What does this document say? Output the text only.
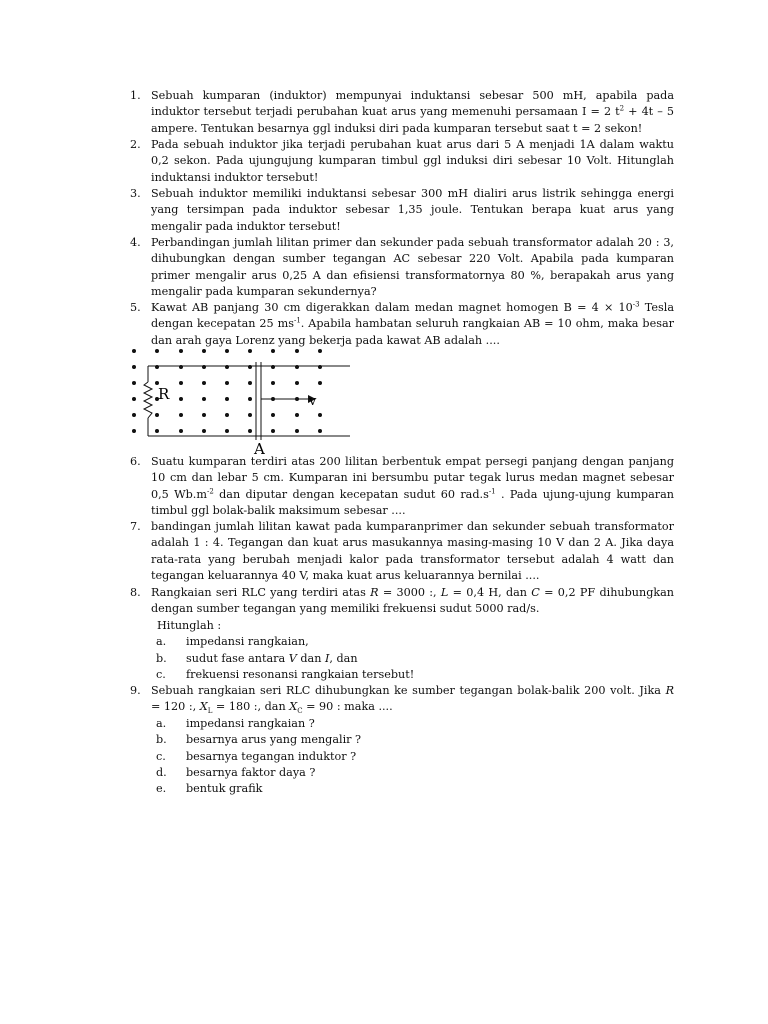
1. Sebuah kumparan (induktor) mempunyai induktansi sebesar 500 mH, apabila pada induktor tersebut terjadi perubahan kuat arus yang memenuhi persamaan I = 2 $t^2 + 4t - 5$ ampere. Tentukan besarnya ggl induksi diri pada kumparan tersebut saat t = 2 sekon!
2. Pada sebuah induktor jika terjadi perubahan kuat arus dari 5 A menjadi 1A dalam waktu 0,2 sekon. Pada ujungujung kumparan timbul ggl induksi diri sebesar 10 Volt. Hitunglah induktansi induktor tersebut!
3. Sebuah induktor memiliki induktansi sebesar 300 mH dialiri arus listrik sehingga energi yang tersimpan pada induktor sebesar 1,35 joule. Tentukan berapa kuat arus yang mengalir pada induktor tersebut!
4. Perbandingan jumlah lilitan primer dan sekunder pada sebuah transformator adalah 20 : 3, dihubungkan dengan sumber tegangan AC sebesar 220 Volt. Apabila pada kumparan primer mengalir arus 0,25 A dan efisiensi transformatornya 80 %, berapakah arus yang mengalir pada kumparan sekundernya?
5. Kawat AB panjang 30 cm digerakkan dalam medan magnet homogen $B = 4 \times 10^{-3}$ Tesla dengan kecepatan 25 $ms^{-1}$. Apabila hambatan seluruh rangkaian AB = 10 ohm, maka besar dan arah gaya Lorenz yang bekerja pada kawat AB adalah ....
R	v
A
6. Suatu kumparan terdiri atas 200 lilitan berbentuk empat persegi panjang dengan panjang 10 cm dan lebar 5 cm. Kumparan ini bersumbu putar tegak lurus medan magnet sebesar 0,5 $Wb.m^{-2}$ dan diputar dengan kecepatan sudut 60 $rad.s^{-1}$ . Pada ujung-ujung kumparan timbul ggl bolak-balik maksimum sebesar ....
7. bandingan jumlah lilitan kawat pada kumparanprimer dan sekunder sebuah transformator adalah 1 : 4. Tegangan dan kuat arus masukannya masing-masing 10 V dan 2 A. Jika daya rata-rata yang berubah menjadi kalor pada transformator tersebut adalah 4 watt dan tegangan keluarannya 40 V, maka kuat arus keluarannya bernilai ....
8. Rangkaian seri RLC yang terdiri atas R = 3000 :, L = 0,4 H, dan C = 0,2 PF dihubungkan dengan sumber tegangan yang memiliki frekuensi sudut 5000 rad/s.
Hitunglah :
a. impedansi rangkaian,
b. sudut fase antara V dan I, dan
c. frekuensi resonansi rangkaian tersebut!
9. Sebuah rangkaian seri RLC dihubungkan ke sumber tegangan bolak-balik 200 volt. Jika R = 120 :, $X_L = 180$ :, dan $X_C = 90$ : maka ....
a. impedansi rangkaian ?
b. besarnya arus yang mengalir ?
c. besarnya tegangan induktor ?
d. besarnya faktor daya ?
e. bentuk grafik
